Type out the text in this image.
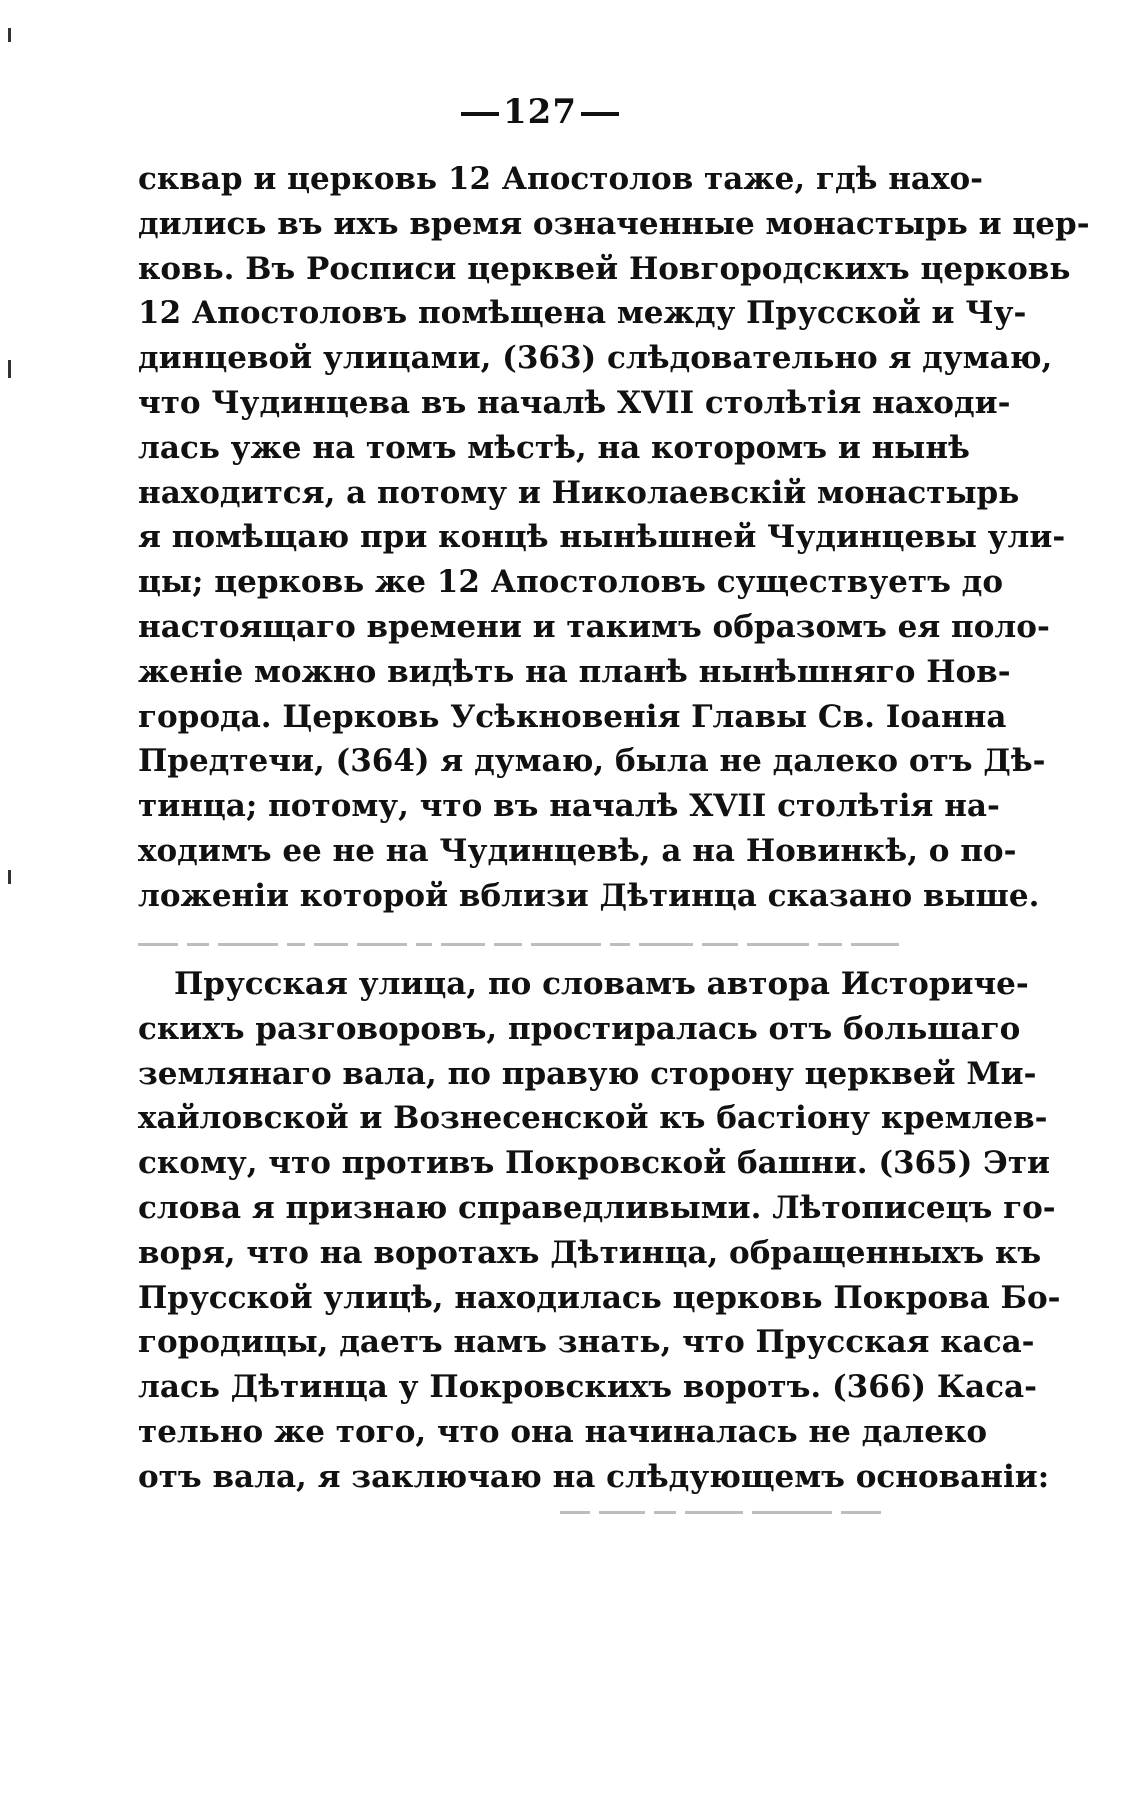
127
сквар и церковь 12 Апостолов таже, гдѣ нахо-
дились въ ихъ время означенные монастырь и цер-
ковь. Въ Росписи церквей Новгородскихъ церковь
12 Апостоловъ помѣщена между Прусской и Чу-
динцевой улицами, (363) слѣдовательно я думаю,
что Чудинцева въ началѣ XVII столѣтія находи-
лась уже на томъ мѣстѣ, на которомъ и нынѣ
находится, а потому и Николаевскій монастырь
я помѣщаю при концѣ нынѣшней Чудинцевы ули-
цы; церковь же 12 Апостоловъ существуетъ до
настоящаго времени и такимъ образомъ ея поло-
женіе можно видѣть на планѣ нынѣшняго Нов-
города. Церковь Усѣкновенія Главы Св. Іоанна
Предтечи, (364) я думаю, была не далеко отъ Дѣ-
тинца; потому, что въ началѣ XVII столѣтія на-
ходимъ ее не на Чудинцевѣ, а на Новинкѣ, о по-
ложеніи которой вблизи Дѣтинца сказано выше.
Прусская улица, по словамъ автора Историче-
скихъ разговоровъ, простиралась отъ большаго
землянаго вала, по правую сторону церквей Ми-
хайловской и Вознесенской къ бастіону кремлев-
скому, что противъ Покровской башни. (365) Эти
слова я признаю справедливыми. Лѣтописецъ го-
воря, что на воротахъ Дѣтинца, обращенныхъ къ
Прусской улицѣ, находилась церковь Покрова Бо-
городицы, даетъ намъ знать, что Прусская каса-
лась Дѣтинца у Покровскихъ воротъ. (366) Каса-
тельно же того, что она начиналась не далеко
отъ вала, я заключаю на слѣдующемъ основаніи:
